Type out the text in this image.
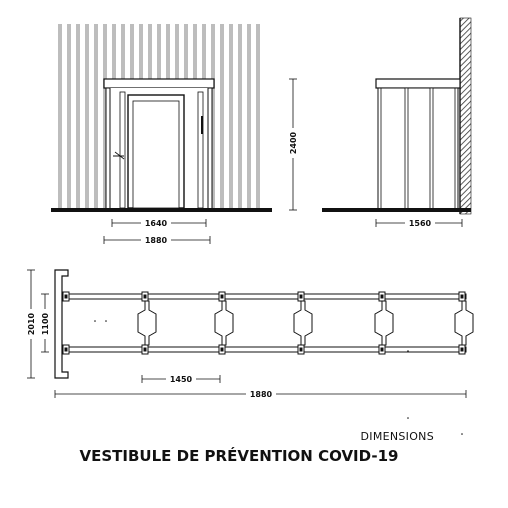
1640
1880
2400
1560
2010 1100
1450
1880
DIMENSIONS
VESTIBULE DE PRÉVENTION COVID-19
